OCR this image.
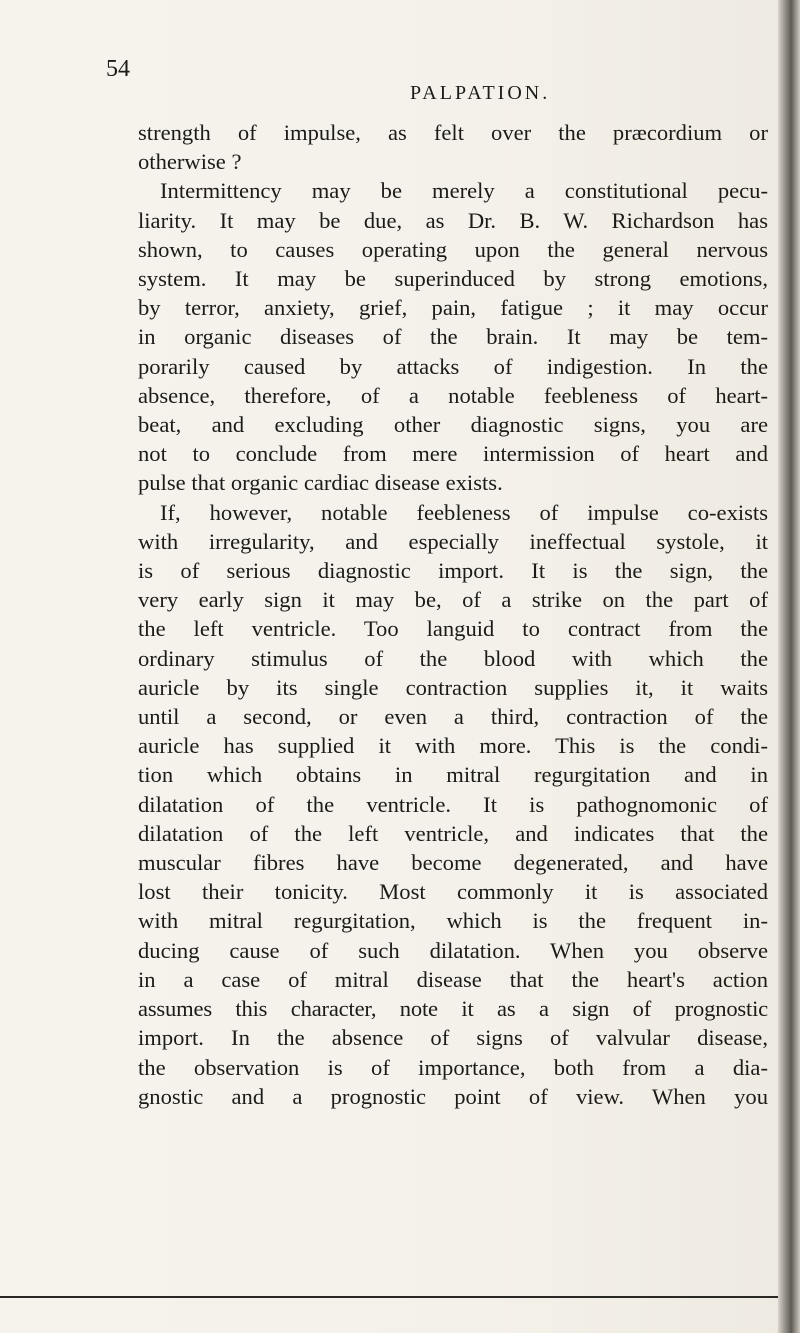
54
PALPATION.
strength of impulse, as felt over the præcordium or
otherwise ?
Intermittency may be merely a constitutional pecu-
liarity. It may be due, as Dr. B. W. Richardson has
shown, to causes operating upon the general nervous
system. It may be superinduced by strong emotions,
by terror, anxiety, grief, pain, fatigue ; it may occur
in organic diseases of the brain. It may be tem-
porarily caused by attacks of indigestion. In the
absence, therefore, of a notable feebleness of heart-
beat, and excluding other diagnostic signs, you are
not to conclude from mere intermission of heart and
pulse that organic cardiac disease exists.
If, however, notable feebleness of impulse co-exists
with irregularity, and especially ineffectual systole, it
is of serious diagnostic import. It is the sign, the
very early sign it may be, of a strike on the part of
the left ventricle. Too languid to contract from the
ordinary stimulus of the blood with which the
auricle by its single contraction supplies it, it waits
until a second, or even a third, contraction of the
auricle has supplied it with more. This is the condi-
tion which obtains in mitral regurgitation and in
dilatation of the ventricle. It is pathognomonic of
dilatation of the left ventricle, and indicates that the
muscular fibres have become degenerated, and have
lost their tonicity. Most commonly it is associated
with mitral regurgitation, which is the frequent in-
ducing cause of such dilatation. When you observe
in a case of mitral disease that the heart's action
assumes this character, note it as a sign of prognostic
import. In the absence of signs of valvular disease,
the observation is of importance, both from a dia-
gnostic and a prognostic point of view. When you
